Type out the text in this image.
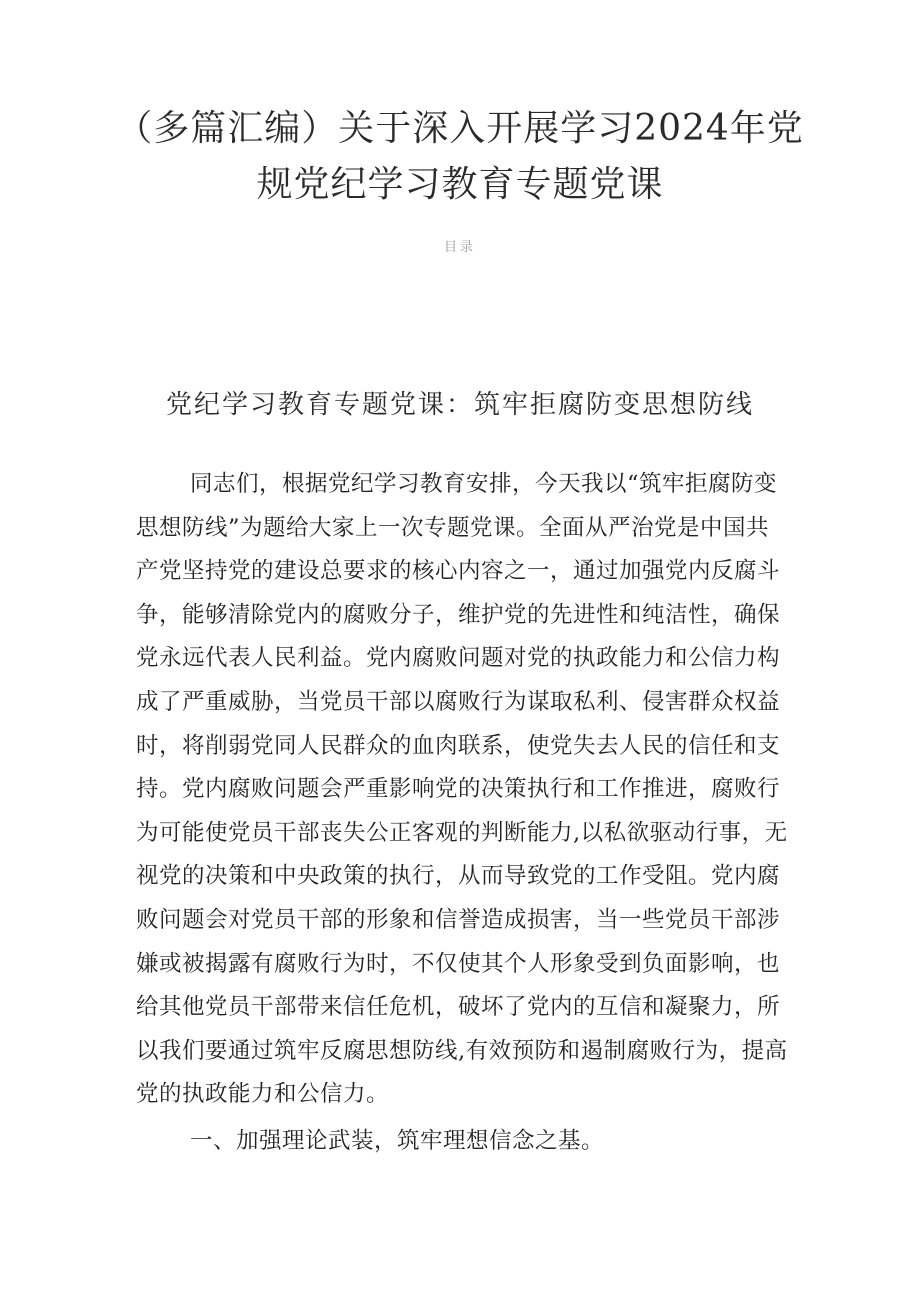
（多篇汇编）关于深入开展学习2024年党
规党纪学习教育专题党课
目录
党纪学习教育专题党课：筑牢拒腐防变思想防线
同志们，根据党纪学习教育安排，今天我以“筑牢拒腐防变
思想防线”为题给大家上一次专题党课。全面从严治党是中国共
产党坚持党的建设总要求的核心内容之一，通过加强党内反腐斗
争，能够清除党内的腐败分子，维护党的先进性和纯洁性，确保
党永远代表人民利益。党内腐败问题对党的执政能力和公信力构
成了严重威胁，当党员干部以腐败行为谋取私利、侵害群众权益
时，将削弱党同人民群众的血肉联系，使党失去人民的信任和支
持。党内腐败问题会严重影响党的决策执行和工作推进，腐败行
为可能使党员干部丧失公正客观的判断能力,以私欲驱动行事，无
视党的决策和中央政策的执行，从而导致党的工作受阻。党内腐
败问题会对党员干部的形象和信誉造成损害，当一些党员干部涉
嫌或被揭露有腐败行为时，不仅使其个人形象受到负面影响，也
给其他党员干部带来信任危机，破坏了党内的互信和凝聚力，所
以我们要通过筑牢反腐思想防线,有效预防和遏制腐败行为，提高
党的执政能力和公信力。
一、加强理论武装，筑牢理想信念之基。
